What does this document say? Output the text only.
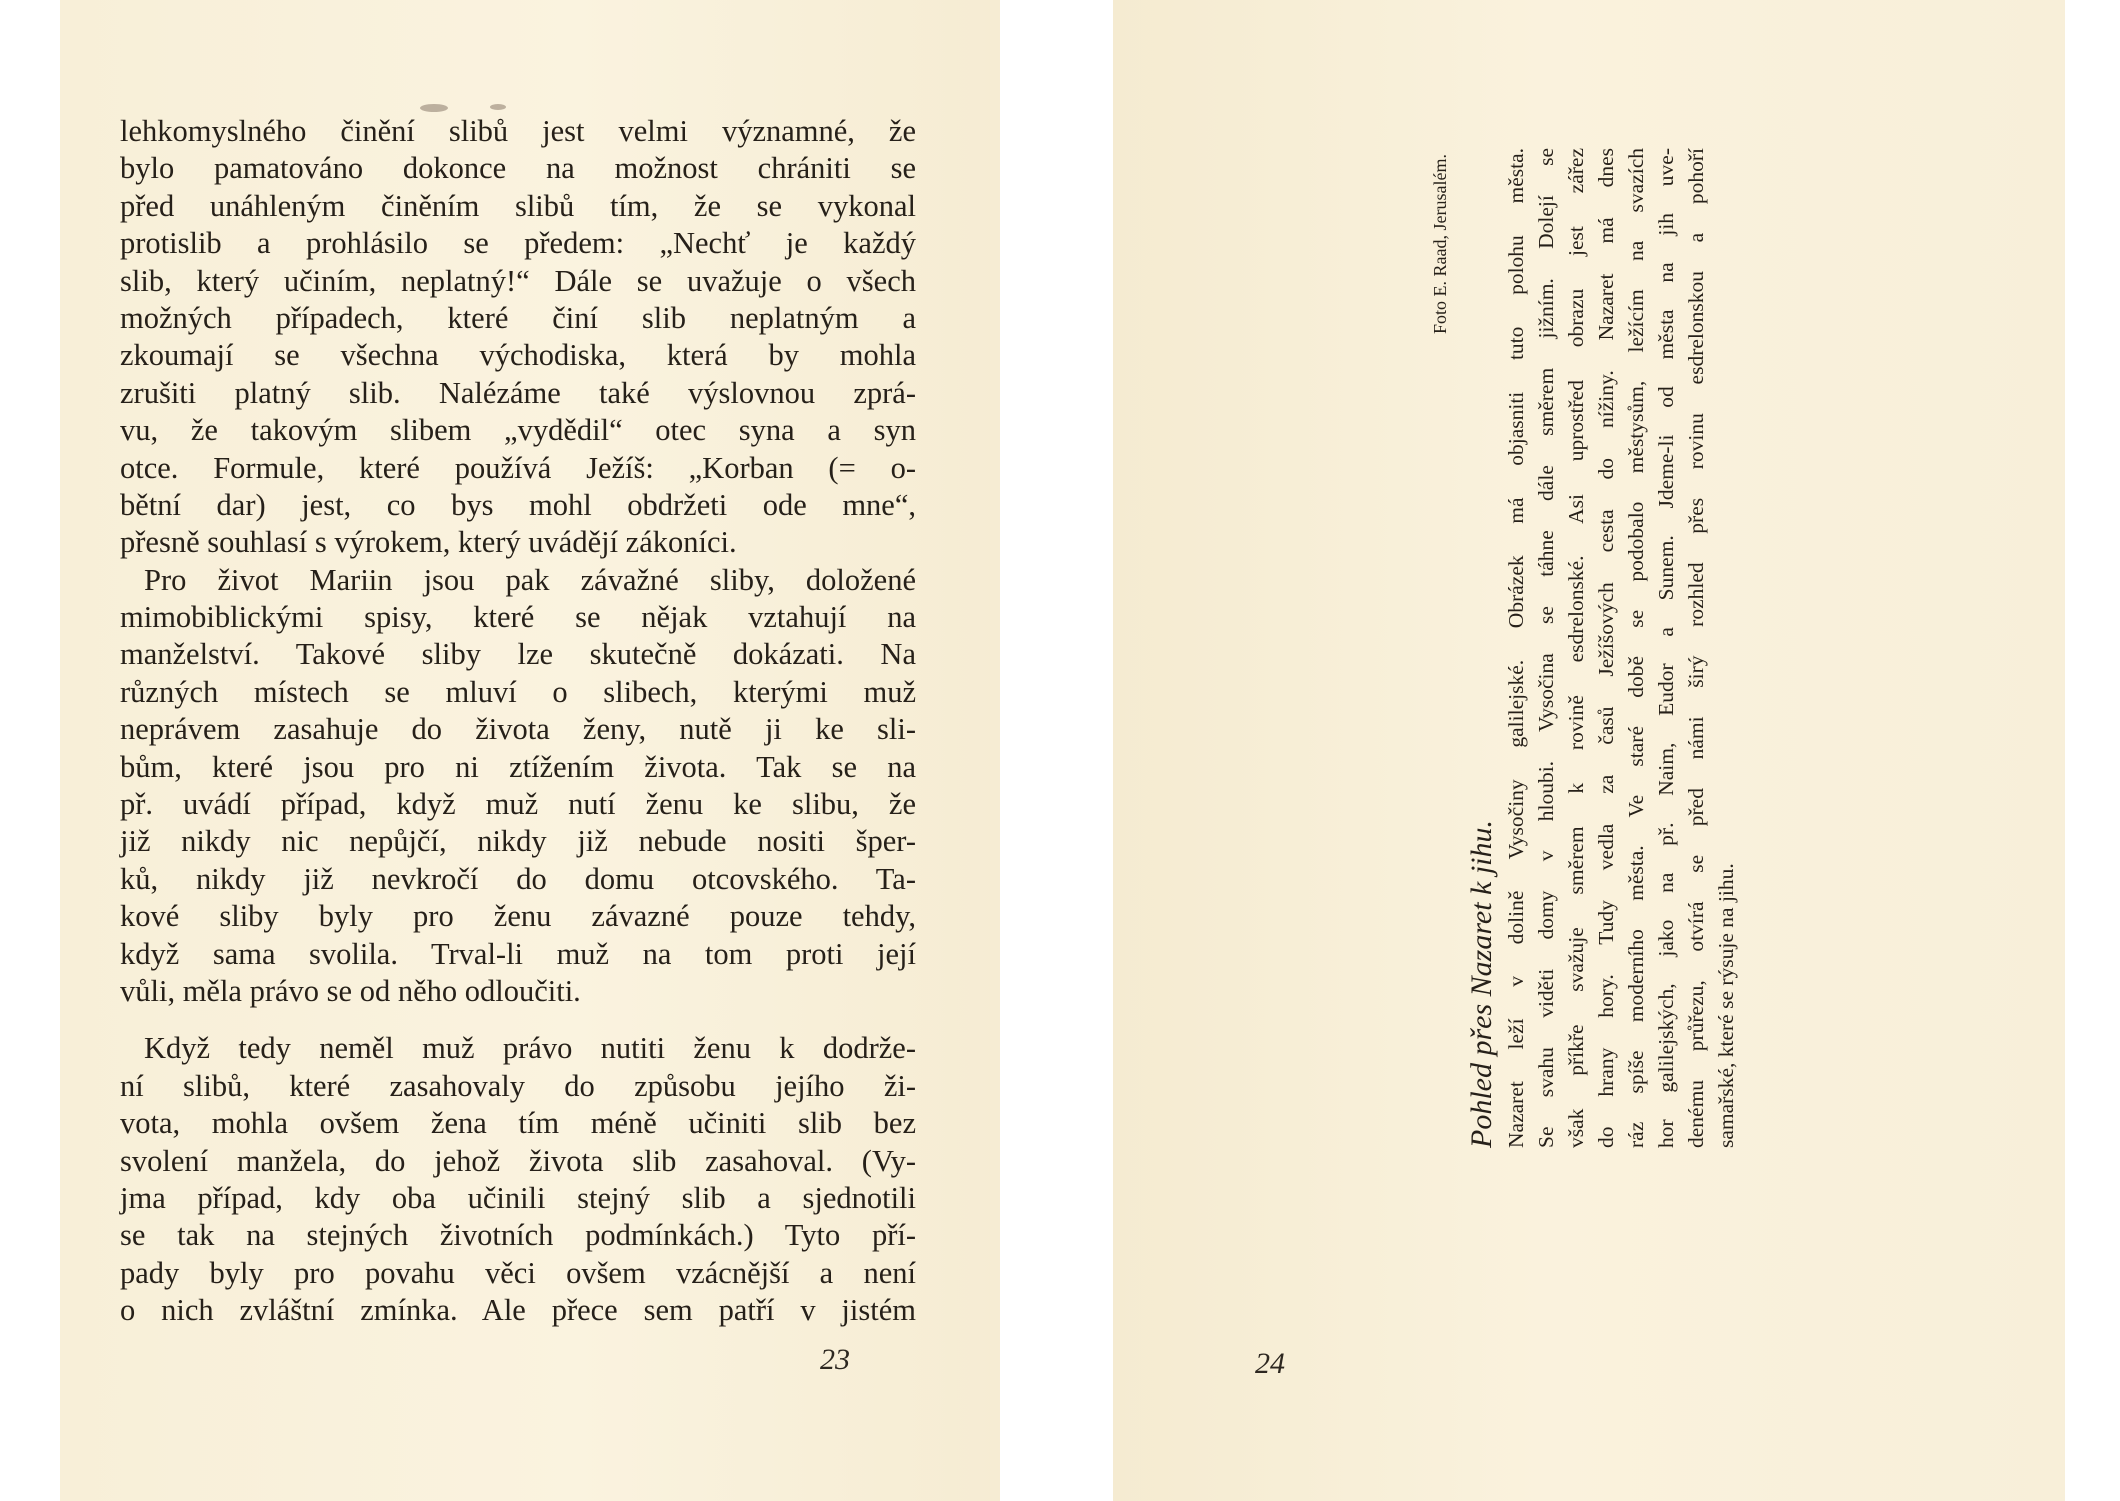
lehkomyslného činění slibů jest velmi významné, že
bylo pamatováno dokonce na možnost chrániti se
před unáhleným činěním slibů tím, že se vykonal
protislib a prohlásilo se předem: „Nechť je každý
slib, který učiním, neplatný!“ Dále se uvažuje o všech
možných případech, které činí slib neplatným a
zkoumají se všechna východiska, která by mohla
zrušiti platný slib. Nalézáme také výslovnou zprá-
vu, že takovým slibem „vydědil“ otec syna a syn
otce. Formule, které používá Ježíš: „Korban (= o-
bětní dar) jest, co bys mohl obdržeti ode mne“,
přesně souhlasí s výrokem, který uvádějí zákoníci.
Pro život Mariin jsou pak závažné sliby, doložené
mimobiblickými spisy, které se nějak vztahují na
manželství. Takové sliby lze skutečně dokázati. Na
různých místech se mluví o slibech, kterými muž
neprávem zasahuje do života ženy, nutě ji ke sli-
bům, které jsou pro ni ztížením života. Tak se na
př. uvádí případ, když muž nutí ženu ke slibu, že
již nikdy nic nepůjčí, nikdy již nebude nositi šper-
ků, nikdy již nevkročí do domu otcovského. Ta-
kové sliby byly pro ženu závazné pouze tehdy,
když sama svolila. Trval-li muž na tom proti její
vůli, měla právo se od něho odloučiti.
Když tedy neměl muž právo nutiti ženu k dodrže-
ní slibů, které zasahovaly do způsobu jejího ži-
vota, mohla ovšem žena tím méně učiniti slib bez
svolení manžela, do jehož života slib zasahoval. (Vy-
jma případ, kdy oba učinili stejný slib a sjednotili
se tak na stejných životních podmínkách.) Tyto pří-
pady byly pro povahu věci ovšem vzácnější a není
o nich zvláštní zmínka. Ale přece sem patří v jistém
23
Foto E. Raad, Jerusalém.
Pohled přes Nazaret k jihu. Nazaret leží v dolině Vysočiny galilejské. Obrázek má objasniti tuto polohu města. Se svahu viděti domy v hloubi. Vysočina se táhne dále směrem jižním. Dolejí se však příkře svažuje směrem k rovině esdrelonské. Asi uprostřed obrazu jest zářez do hrany hory. Tudy vedla za časů Ježíšových cesta do nížiny. Nazaret má dnes ráz spíše moderního města. Ve staré době se podobalo městysům, ležícím na svazích hor galilejských, jako na př. Naim, Eudor a Sunem. Jdeme-li od města na jih uve- denému průřezu, otvírá se před námi širý rozhled přes rovinu esdrelonskou a pohoří samařské, které se rýsuje na jihu.
24
